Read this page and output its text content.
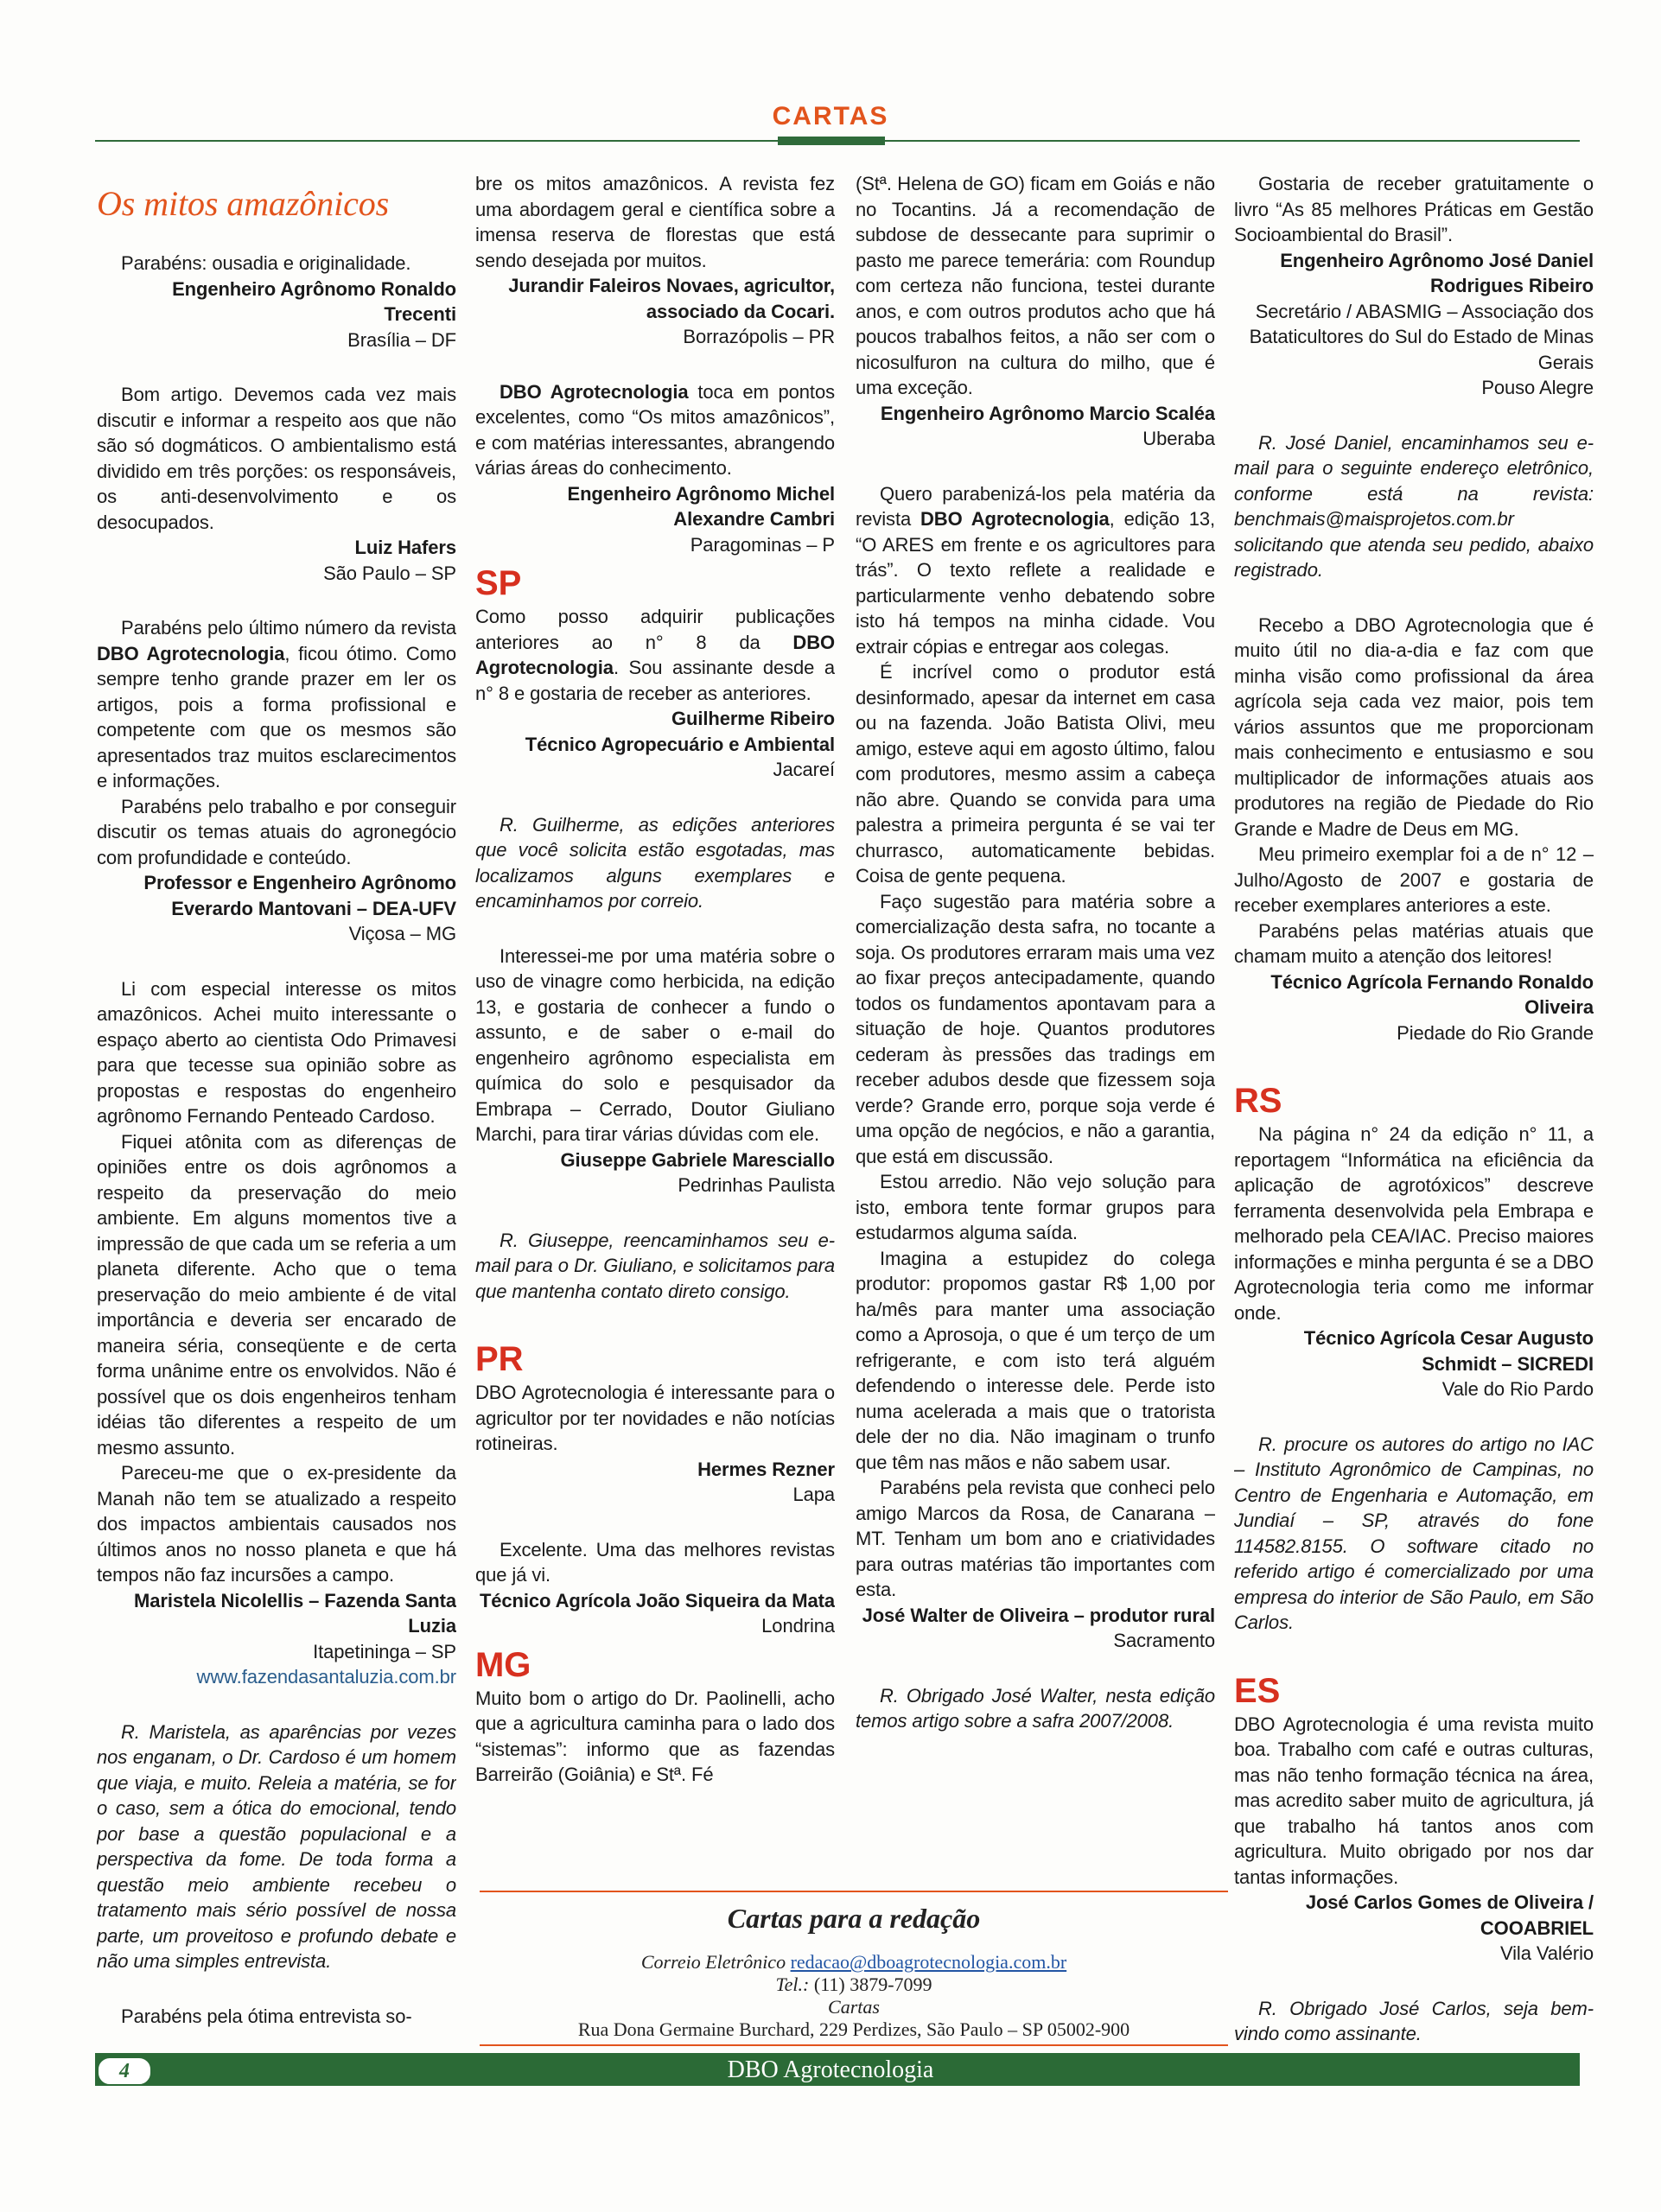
CARTAS
Os mitos amazônicos

Parabéns: ousadia e originalidade.

Engenheiro Agrônomo Ronaldo Trecenti

Brasília – DF

Bom artigo. Devemos cada vez mais discutir e informar a respeito aos que não são só dogmáticos. O ambientalismo está dividido em três porções: os responsáveis, os anti-desenvolvimento e os desocupados.

Luiz Hafers

São Paulo – SP

Parabéns pelo último número da revista DBO Agrotecnologia, ficou ótimo. Como sempre tenho grande prazer em ler os artigos, pois a forma profissional e competente com que os mesmos são apresentados traz muitos esclarecimentos e informações.

Parabéns pelo trabalho e por conseguir discutir os temas atuais do agronegócio com profundidade e conteúdo.

Professor e Engenheiro Agrônomo Everardo Mantovani – DEA-UFV

Viçosa – MG

Li com especial interesse os mitos amazônicos. Achei muito interessante o espaço aberto ao cientista Odo Primavesi para que tecesse sua opinião sobre as propostas e respostas do engenheiro agrônomo Fernando Penteado Cardoso.

Fiquei atônita com as diferenças de opiniões entre os dois agrônomos a respeito da preservação do meio ambiente. Em alguns momentos tive a impressão de que cada um se referia a um planeta diferente. Acho que o tema preservação do meio ambiente é de vital importância e deveria ser encarado de maneira séria, conseqüente e de certa forma unânime entre os envolvidos. Não é possível que os dois engenheiros tenham idéias tão diferentes a respeito de um mesmo assunto.

Pareceu-me que o ex-presidente da Manah não tem se atualizado a respeito dos impactos ambientais causados nos últimos anos no nosso planeta e que há tempos não faz incursões a campo.

Maristela Nicolellis – Fazenda Santa Luzia

Itapetininga – SP

www.fazendasantaluzia.com.br

R. Maristela, as aparências por vezes nos enganam, o Dr. Cardoso é um homem que viaja, e muito. Releia a matéria, se for o caso, sem a ótica do emocional, tendo por base a questão populacional e a perspectiva da fome. De toda forma a questão meio ambiente recebeu o tratamento mais sério possível de nossa parte, um proveitoso e profundo debate e não uma simples entrevista.

Parabéns pela ótima entrevista so-

bre os mitos amazônicos. A revista fez uma abordagem geral e científica sobre a imensa reserva de florestas que está sendo desejada por muitos.

Jurandir Faleiros Novaes, agricultor, associado da Cocari.

Borrazópolis – PR

DBO Agrotecnologia toca em pontos excelentes, como “Os mitos amazônicos”, e com matérias interessantes, abrangendo várias áreas do conhecimento.

Engenheiro Agrônomo Michel Alexandre Cambri

Paragominas – P

SP

Como posso adquirir publicações anteriores ao n° 8 da DBO Agrotecnologia. Sou assinante desde a n° 8 e gostaria de receber as anteriores.

Guilherme Ribeiro

Técnico Agropecuário e Ambiental

Jacareí

R. Guilherme, as edições anteriores que você solicita estão esgotadas, mas localizamos alguns exemplares e encaminhamos por correio.

Interessei-me por uma matéria sobre o uso de vinagre como herbicida, na edição 13, e gostaria de conhecer a fundo o assunto, e de saber o e-mail do engenheiro agrônomo especialista em química do solo e pesquisador da Embrapa – Cerrado, Doutor Giuliano Marchi, para tirar várias dúvidas com ele.

Giuseppe Gabriele Maresciallo

Pedrinhas Paulista

R. Giuseppe, reencaminhamos seu e-mail para o Dr. Giuliano, e solicitamos para que mantenha contato direto consigo.

PR

DBO Agrotecnologia é interessante para o agricultor por ter novidades e não notícias rotineiras.

Hermes Rezner

Lapa

Excelente. Uma das melhores revistas que já vi.

Técnico Agrícola João Siqueira da Mata

Londrina

MG

Muito bom o artigo do Dr. Paolinelli, acho que a agricultura caminha para o lado dos “sistemas”: informo que as fazendas Barreirão (Goiânia) e Stª. Fé

(Stª. Helena de GO) ficam em Goiás e não no Tocantins. Já a recomendação de subdose de dessecante para suprimir o pasto me parece temerária: com Roundup com certeza não funciona, testei durante anos, e com outros produtos acho que há poucos trabalhos feitos, a não ser com o nicosulfuron na cultura do milho, que é uma exceção.

Engenheiro Agrônomo Marcio Scaléa

Uberaba

Quero parabenizá-los pela matéria da revista DBO Agrotecnologia, edição 13, “O ARES em frente e os agricultores para trás”. O texto reflete a realidade e particularmente venho debatendo sobre isto há tempos na minha cidade. Vou extrair cópias e entregar aos colegas.

É incrível como o produtor está desinformado, apesar da internet em casa ou na fazenda. João Batista Olivi, meu amigo, esteve aqui em agosto último, falou com produtores, mesmo assim a cabeça não abre. Quando se convida para uma palestra a primeira pergunta é se vai ter churrasco, automaticamente bebidas. Coisa de gente pequena.

Faço sugestão para matéria sobre a comercialização desta safra, no tocante a soja. Os produtores erraram mais uma vez ao fixar preços antecipadamente, quando todos os fundamentos apontavam para a situação de hoje. Quantos produtores cederam às pressões das tradings em receber adubos desde que fizessem soja verde? Grande erro, porque soja verde é uma opção de negócios, e não a garantia, que está em discussão.

Estou arredio. Não vejo solução para isto, embora tente formar grupos para estudarmos alguma saída.

Imagina a estupidez do colega produtor: propomos gastar R$ 1,00 por ha/mês para manter uma associação como a Aprosoja, o que é um terço de um refrigerante, e com isto terá alguém defendendo o interesse dele. Perde isto numa acelerada a mais que o tratorista dele der no dia. Não imaginam o trunfo que têm nas mãos e não sabem usar.

Parabéns pela revista que conheci pelo amigo Marcos da Rosa, de Canarana – MT. Tenham um bom ano e criatividades para outras matérias tão importantes com esta.

José Walter de Oliveira – produtor rural

Sacramento

R. Obrigado José Walter, nesta edição temos artigo sobre a safra 2007/2008.

Gostaria de receber gratuitamente o livro “As 85 melhores Práticas em Gestão Socioambiental do Brasil”.

Engenheiro Agrônomo José Daniel Rodrigues Ribeiro

Secretário / ABASMIG – Associação dos Bataticultores do Sul do Estado de Minas Gerais

Pouso Alegre

R. José Daniel, encaminhamos seu e-mail para o seguinte endereço eletrônico, conforme está na revista: benchmais@maisprojetos.com.br solicitando que atenda seu pedido, abaixo registrado.

Recebo a DBO Agrotecnologia que é muito útil no dia-a-dia e faz com que minha visão como profissional da área agrícola seja cada vez maior, pois tem vários assuntos que me proporcionam mais conhecimento e entusiasmo e sou multiplicador de informações atuais aos produtores na região de Piedade do Rio Grande e Madre de Deus em MG.

Meu primeiro exemplar foi a de n° 12 – Julho/Agosto de 2007 e gostaria de receber exemplares anteriores a este.

Parabéns pelas matérias atuais que chamam muito a atenção dos leitores!

Técnico Agrícola Fernando Ronaldo Oliveira

Piedade do Rio Grande

RS

Na página n° 24 da edição n° 11, a reportagem “Informática na eficiência da aplicação de agrotóxicos” descreve ferramenta desenvolvida pela Embrapa e melhorado pela CEA/IAC. Preciso maiores informações e minha pergunta é se a DBO Agrotecnologia teria como me informar onde.

Técnico Agrícola Cesar Augusto Schmidt – SICREDI

Vale do Rio Pardo

R. procure os autores do artigo no IAC – Instituto Agronômico de Campinas, no Centro de Engenharia e Automação, em Jundiaí – SP, através do fone 114582.8155. O software citado no referido artigo é comercializado por uma empresa do interior de São Paulo, em São Carlos.

ES

DBO Agrotecnologia é uma revista muito boa. Trabalho com café e outras culturas, mas não tenho formação técnica na área, mas acredito saber muito de agricultura, já que trabalho há tantos anos com agricultura. Muito obrigado por nos dar tantas informações.

José Carlos Gomes de Oliveira / COOABRIEL

Vila Valério

R. Obrigado José Carlos, seja bem-vindo como assinante.

Cartas para a redação
Correio Eletrônico redacao@dboagrotecnologia.com.br
Tel.: (11) 3879-7099
Cartas
Rua Dona Germaine Burchard, 229 Perdizes, São Paulo – SP 05002-900
DBO Agrotecnologia
4
